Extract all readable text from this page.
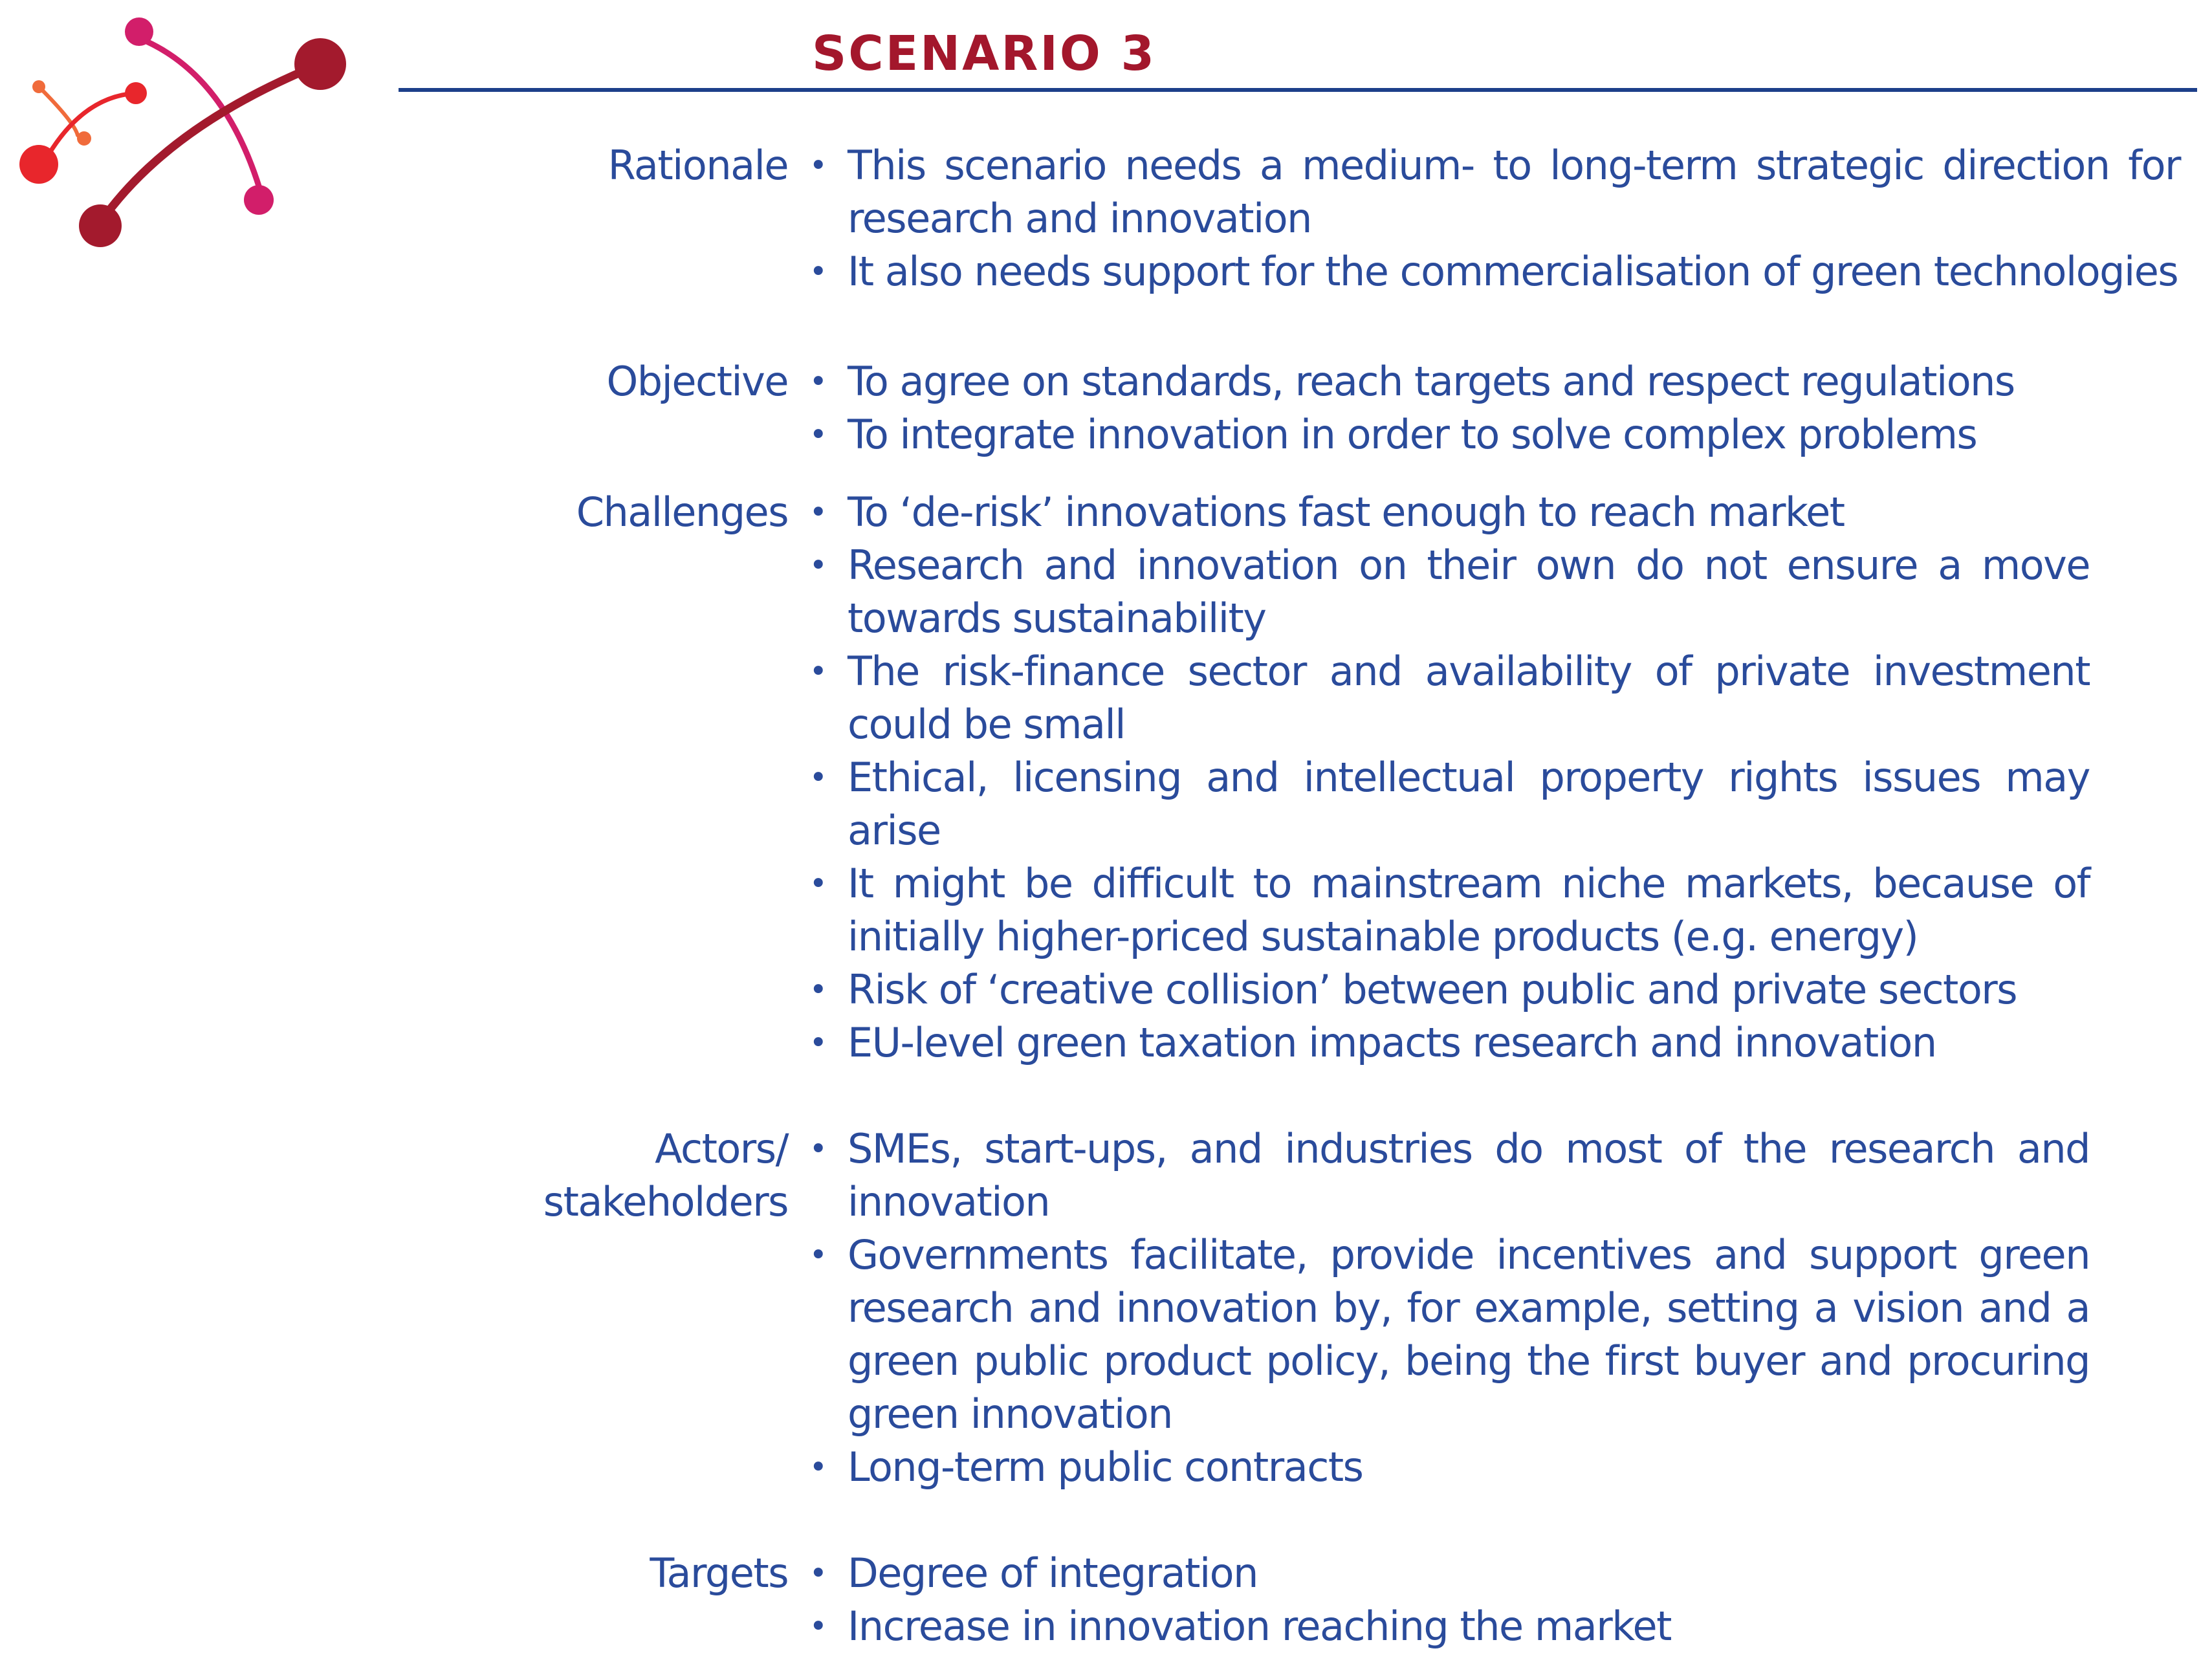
SCENARIO 3
Rationale • This scenario needs a medium- to long-term strategic direction for research and innovation
• It also needs support for the commercialisation of green technologies
Objective • To agree on standards, reach targets and respect regulations
• To integrate innovation in order to solve complex problems
Challenges • To ‘de-risk’ innovations fast enough to reach market
• Research and innovation on their own do not ensure a move towards sustainability
• The risk-finance sector and availability of private investment could be small
• Ethical, licensing and intellectual property rights issues may arise
• It might be difficult to mainstream niche markets, because of initially higher-priced sustainable products (e.g. energy)
• Risk of ‘creative collision’ between public and private sectors
• EU-level green taxation impacts research and innovation
Actors/
stakeholders
• SMEs, start-ups, and industries do most of the research and innovation
• Governments facilitate, provide incentives and support green research and innovation by, for example, setting a vision and a green public product policy, being the first buyer and procuring green innovation
• Long-term public contracts
Targets • Degree of integration
• Increase in innovation reaching the market
